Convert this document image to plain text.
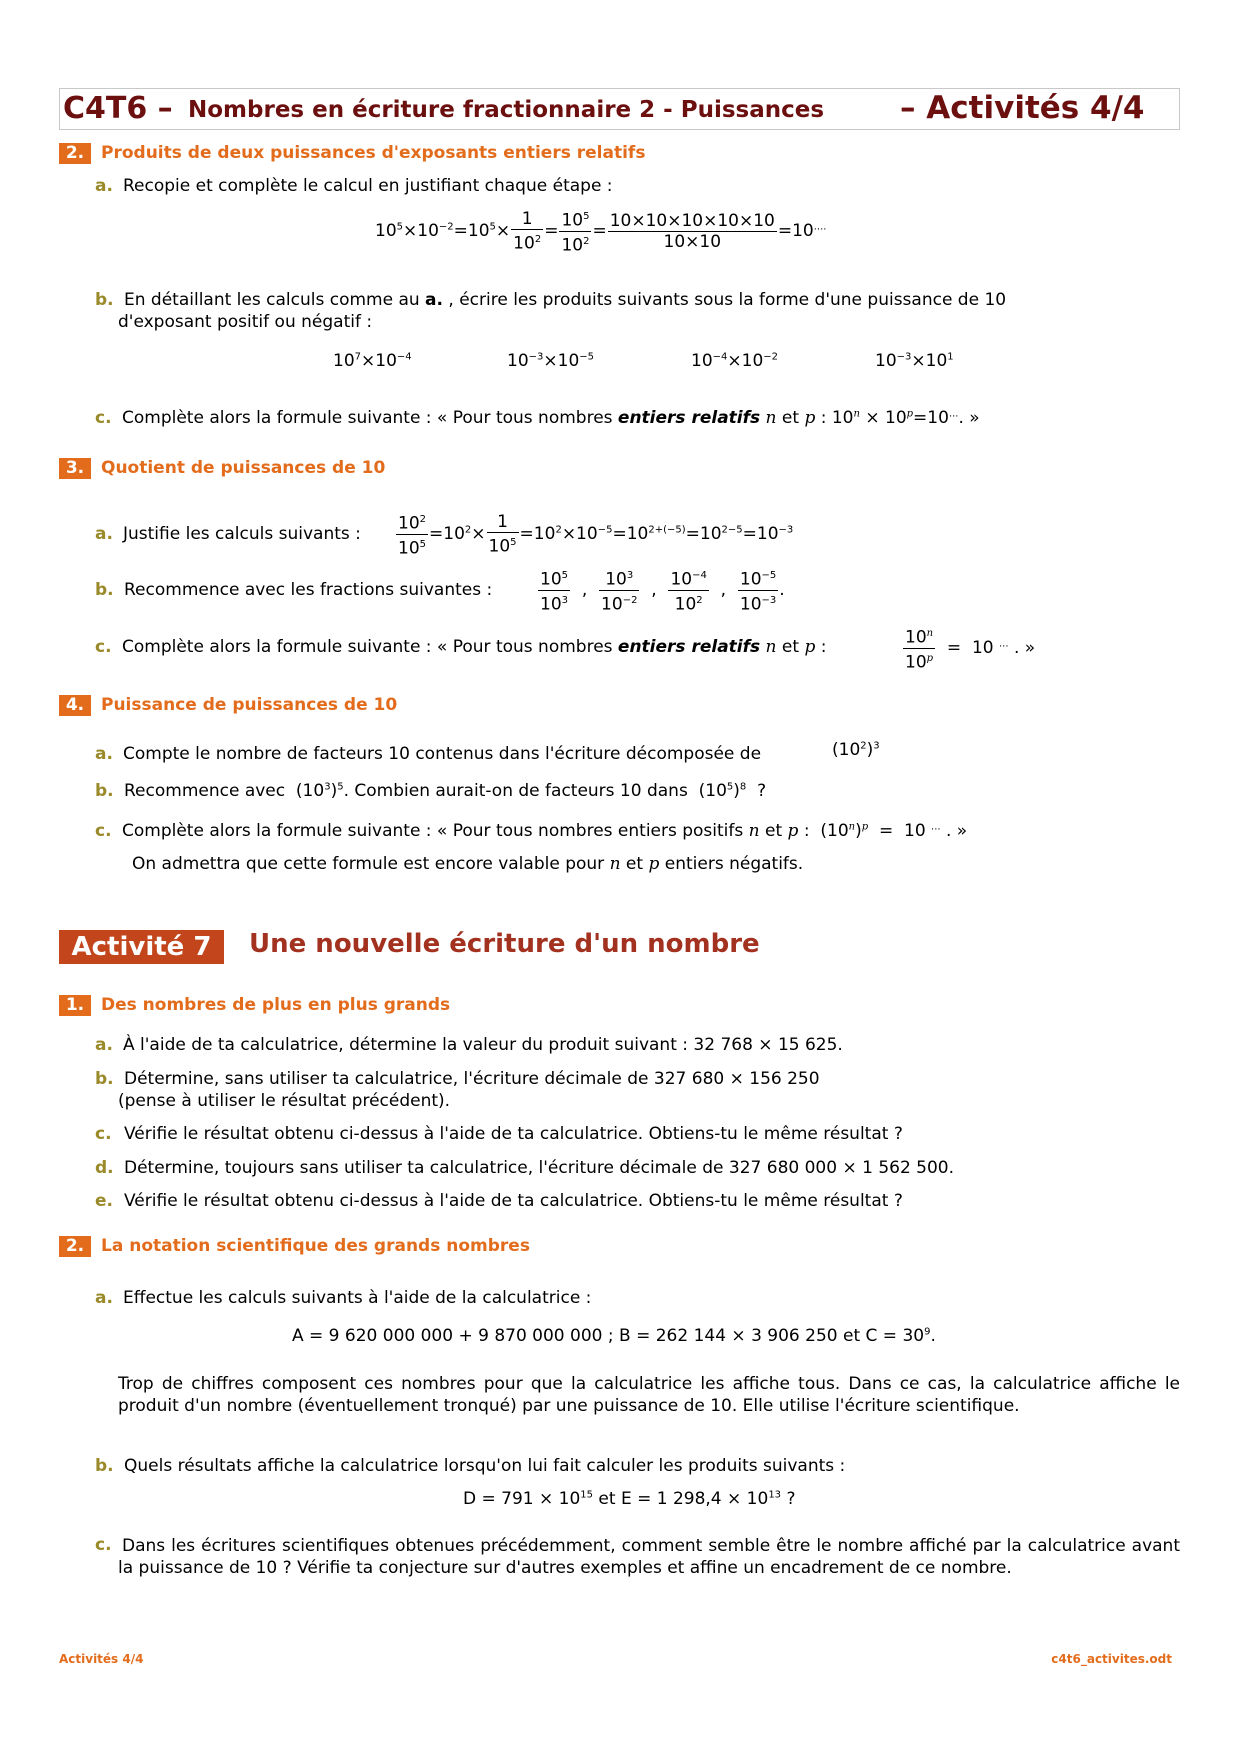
C4T6 – Nombres en écriture fractionnaire 2 - Puissances – Activités 4/4
2. Produits de deux puissances d'exposants entiers relatifs
a. Recopie et complète le calcul en justifiant chaque étape :
$10^5\times 10^{-2}=10^5\times \frac{1}{10^2} = \frac{10^5}{10^2} = \frac{10\times 10\times 10\times 10\times 10}{10\times 10} =10^{....}$
b. En détaillant les calculs comme au a. , écrire les produits suivants sous la forme d'une puissance de 10
d'exposant positif ou négatif :
$10^7\times 10^{-4}$	$10^{-3}\times 10^{-5}$	$10^{-4}\times 10^{-2}$	$10^{-3}\times 10^1$
c. Complète alors la formule suivante : « Pour tous nombres entiers relatifs n et p : $10^n \times 10^p=10^{...}$. »
3. Quotient de puissances de 10
a. Justifie les calculs suivants : $\frac{10^2}{10^5} =10^2\times \frac{1}{10^5} =10^2\times 10^{-5}=10^{2+(-5)}=10^{2-5}=10^{-3}$
b. Recommence avec les fractions suivantes :	$\frac{10^5}{10^3}$ , $\frac{10^3}{10^{-2}}$ , $\frac{10^{-4}}{10^2}$ , $\frac{10^{-5}}{10^{-3}}$ .
c. Complète alors la formule suivante : « Pour tous nombres entiers relatifs n et p :	$\frac{10^n}{10^p} = 10$ ... . »
4. Puissance de puissances de 10
a. Compte le nombre de facteurs 10 contenus dans l'écriture décomposée de	$(10^2)^3$
b. Recommence avec  $(10^3)^5$. Combien aurait-on de facteurs 10 dans  $(10^5)^8$ ?
c. Complète alors la formule suivante : « Pour tous nombres entiers positifs n et p :  $(10^n)^p = 10$ ... . »
On admettra que cette formule est encore valable pour n et p entiers négatifs.
Activité 7	Une nouvelle écriture d'un nombre
1. Des nombres de plus en plus grands
a. À l'aide de ta calculatrice, détermine la valeur du produit suivant : 32 768 × 15 625.
b. Détermine, sans utiliser ta calculatrice, l'écriture décimale de 327 680 × 156 250
(pense à utiliser le résultat précédent).
c. Vérifie le résultat obtenu ci-dessus à l'aide de ta calculatrice. Obtiens-tu le même résultat ?
d. Détermine, toujours sans utiliser ta calculatrice, l'écriture décimale de 327 680 000 × 1 562 500.
e. Vérifie le résultat obtenu ci-dessus à l'aide de ta calculatrice. Obtiens-tu le même résultat ?
2. La notation scientifique des grands nombres
a. Effectue les calculs suivants à l'aide de la calculatrice :
A = 9 620 000 000 + 9 870 000 000 ; B = 262 144 × 3 906 250 et $C = 30^9$.
Trop de chiffres composent ces nombres pour que la calculatrice les affiche tous. Dans ce cas, la calculatrice affiche le produit d'un nombre (éventuellement tronqué) par une puissance de 10. Elle utilise l'écriture scientifique.
b. Quels résultats affiche la calculatrice lorsqu'on lui fait calculer les produits suivants :
$D = 791 \times 10^{15}$ et E = 1 $298,4 \times 10^{13}$ ?
c. Dans les écritures scientifiques obtenues précédemment, comment semble être le nombre affiché par la calculatrice avant la puissance de 10 ? Vérifie ta conjecture sur d'autres exemples et affine un encadrement de ce nombre.
Activités 4/4	c4t6_activites.odt
